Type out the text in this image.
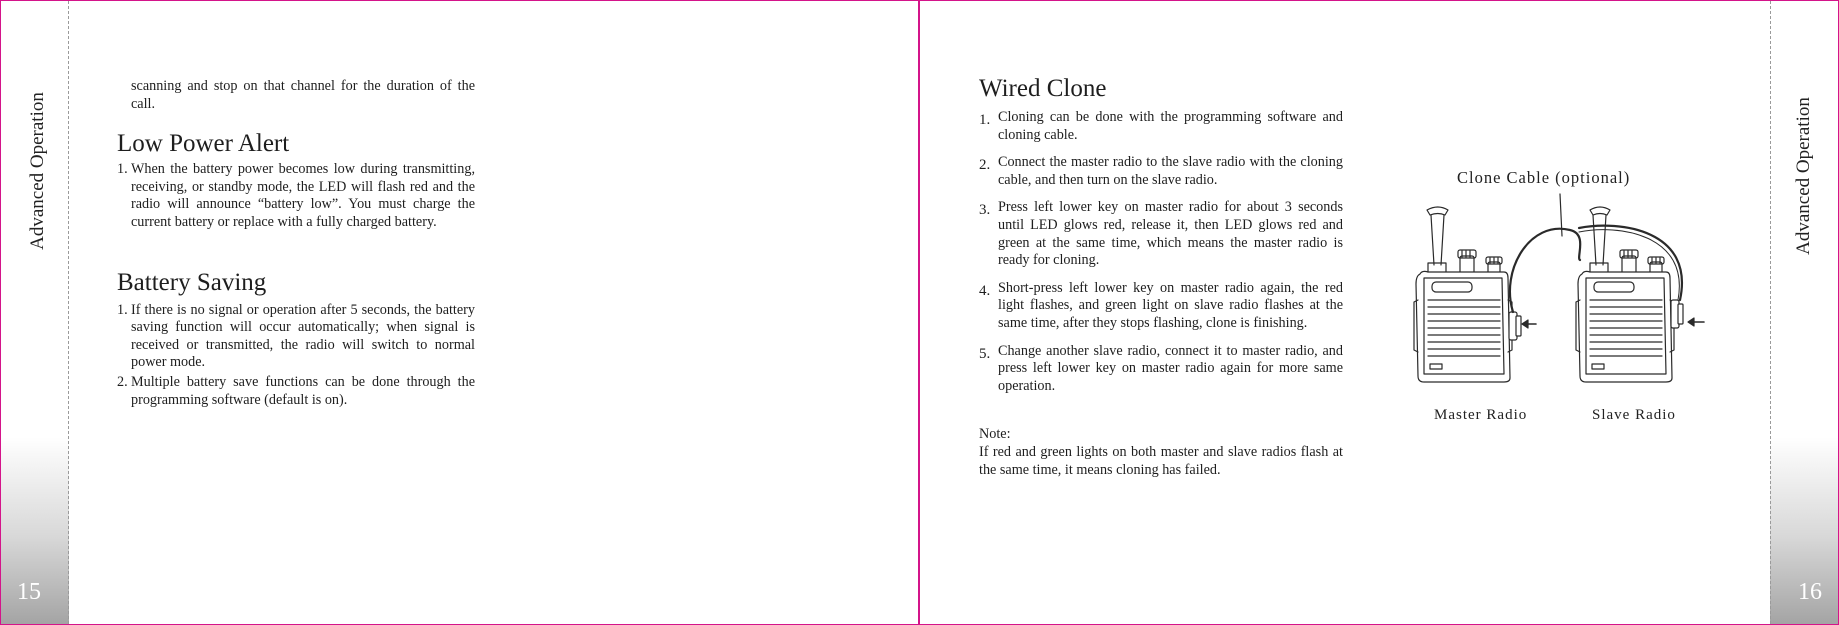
Advanced Operation
15
Advanced Operation
16

scanning and stop on that channel for the duration of the call.

Low Power Alert
1. When the battery power becomes low during transmitting, receiving, or standby mode, the LED will flash red and the radio will announce “battery low”. You must charge the current battery or replace with a fully charged battery.
Battery Saving
1. If there is no signal or operation after 5 seconds, the battery saving function will occur automatically; when signal is received or transmitted, the radio will switch to normal power mode.
2. Multiple battery save functions can be done through the programming software (default is on).
Wired Clone
1. Cloning can be done with the programming software and cloning cable.
2. Connect the master radio to the slave radio with the cloning cable, and then turn on the slave radio.
3. Press left lower key on master radio for about 3 seconds until LED glows red, release it, then LED glows red and green at the same time, which means the master radio is ready for cloning.
4. Short-press left lower key on master radio again, the red light flashes, and green light on slave radio flashes at the same time, after they stops flashing, clone is finishing.
5. Change another slave radio, connect it to master radio, and press left lower key on master radio again for more same operation.
Note:
If red and green lights on both master and slave radios flash at the same time, it means cloning has failed.
Clone Cable (optional)
Master Radio	Slave Radio
